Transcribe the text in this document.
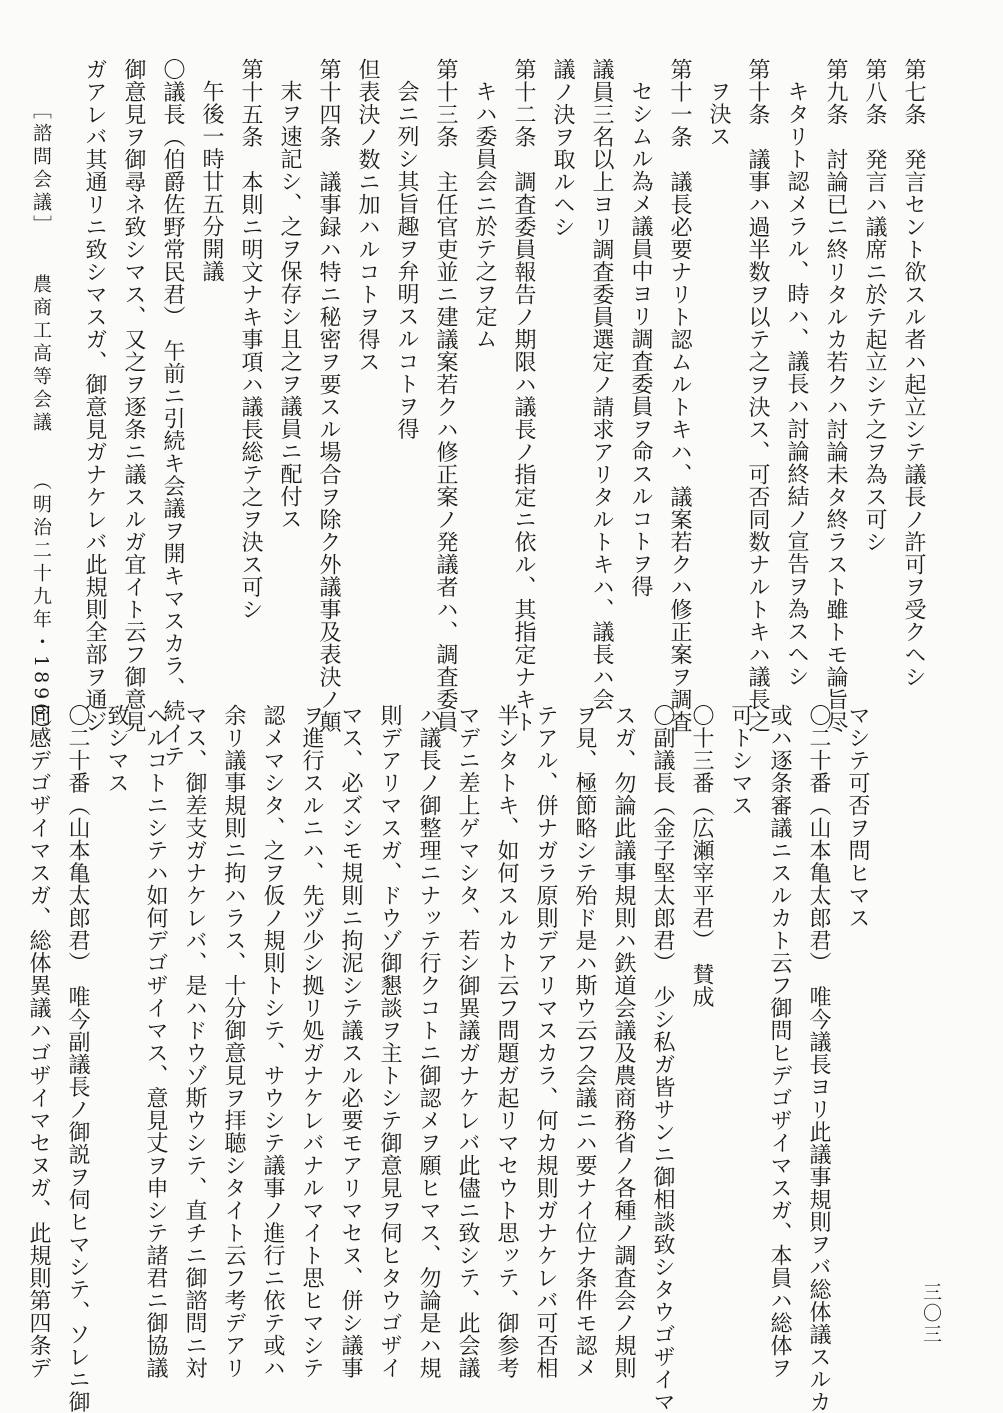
第七条　発言セント欲スル者ハ起立シテ議長ノ許可ヲ受クヘシ
第八条　発言ハ議席ニ於テ起立シテ之ヲ為ス可シ
第九条　討論已ニ終リタルカ若クハ討論未タ終ラスト雖トモ論旨尽
キタリト認メラル、時ハ、議長ハ討論終結ノ宣告ヲ為スヘシ
第十条　議事ハ過半数ヲ以テ之ヲ決ス、可否同数ナルトキハ議長之
ヲ決ス
第十一条　議長必要ナリト認ムルトキハ、議案若クハ修正案ヲ調査
セシムル為メ議員中ヨリ調査委員ヲ命スルコトヲ得
議員三名以上ヨリ調査委員選定ノ請求アリタルトキハ、議長ハ会
議ノ決ヲ取ルヘシ
第十二条　調査委員報告ノ期限ハ議長ノ指定ニ依ル、其指定ナキト
キハ委員会ニ於テ之ヲ定ム
第十三条　主任官吏並ニ建議案若クハ修正案ノ発議者ハ、調査委員
会ニ列シ其旨趣ヲ弁明スルコトヲ得
但表決ノ数ニ加ハルコトヲ得ス
第十四条　議事録ハ特ニ秘密ヲ要スル場合ヲ除ク外議事及表決ノ顛
末ヲ速記シ、之ヲ保存シ且之ヲ議員ニ配付ス
第十五条　本則ニ明文ナキ事項ハ議長総テ之ヲ決ス可シ
午後一時廿五分開議
〇議長（伯爵佐野常民君）　午前ニ引続キ会議ヲ開キマスカラ、続イテ
御意見ヲ御尋ネ致シマス、又之ヲ逐条ニ議スルガ宜イト云フ御意見
ガアレバ其通リニ致シマスガ、御意見ガナケレバ此規則全部ヲ通ジ
マシテ可否ヲ問ヒマス
〇二十番（山本亀太郎君）　唯今議長ヨリ此議事規則ヲバ総体議スルカ
或ハ逐条審議ニスルカト云フ御問ヒデゴザイマスガ、本員ハ総体ヲ
可トシマス
〇十三番（広瀬宰平君）　賛成
〇副議長（金子堅太郎君）　少シ私ガ皆サンニ御相談致シタウゴザイマ
スガ、勿論此議事規則ハ鉄道会議及農商務省ノ各種ノ調査会ノ規則
ヲ見、極節略シテ殆ド是ハ斯ウ云フ会議ニハ要ナイ位ナ条件モ認メ
テアル、併ナガラ原則デアリマスカラ、何カ規則ガナケレバ可否相
半シタトキ、如何スルカト云フ問題ガ起リマセウト思ッテ、御参考
マデニ差上ゲマシタ、若シ御異議ガナケレバ此儘ニ致シテ、此会議
ハ議長ノ御整理ニナッテ行クコトニ御認メヲ願ヒマス、勿論是ハ規
則デアリマスガ、ドウゾ御懇談ヲ主トシテ御意見ヲ伺ヒタウゴザイ
マス、必ズシモ規則ニ拘泥シテ議スル必要モアリマセヌ、併シ議事
ヲ進行スルニハ、先ヅ少シ拠リ処ガナケレバナルマイト思ヒマシテ
認メマシタ、之ヲ仮ノ規則トシテ、サウシテ議事ノ進行ニ依テ或ハ
余リ議事規則ニ拘ハラス、十分御意見ヲ拝聴シタイト云フ考デアリ
マス、御差支ガナケレバ、是ハドウゾ斯ウシテ、直チニ御諮問ニ対
ヘルコトニシテハ如何デゴザイマス、意見丈ヲ申シテ諸君ニ御協議
致シマス
〇二十番（山本亀太郎君）　唯今副議長ノ御説ヲ伺ヒマシテ、ソレニ御
同感デゴザイマスガ、総体異議ハゴザイマセヌガ、此規則第四条デ
［諮問会議］ 農商工高等会議 （明治二十九年・1896）
三〇三
